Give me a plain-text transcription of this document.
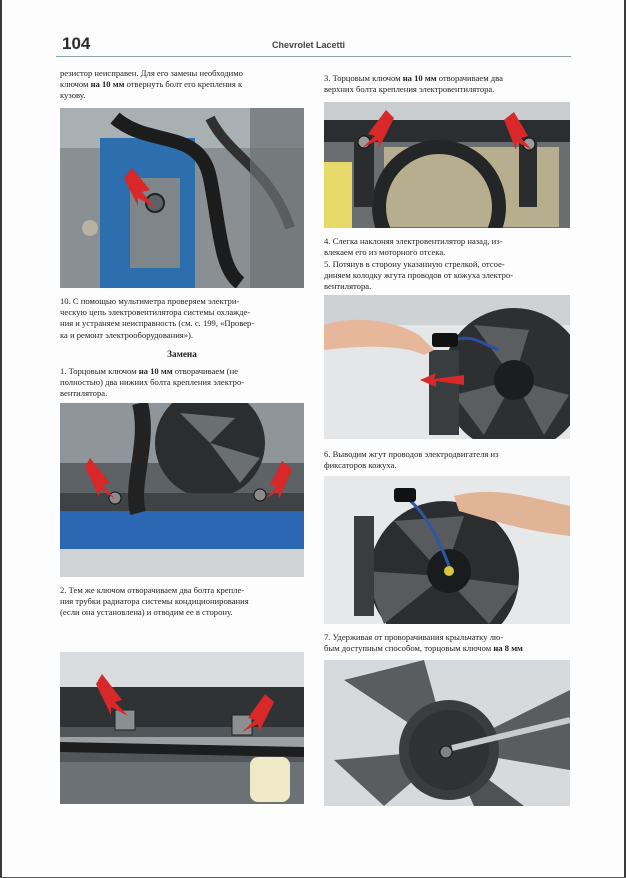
104	Chevrolet Lacetti
резистор неисправен. Для его замены необходимо
ключом на 10 мм отвернуть болт его крепления к
кузову.
10. С помощью мультиметра проверяем электри-
ческую цепь электровентилятора системы охлажде-
ния и устраняем неисправность (см. с. 199, «Провер-
ка и ремонт электрооборудования»).
Замена
1. Торцовым ключом на 10 мм отворачиваем (не
полностью) два нижних болта крепления электро-
вентилятора.
2. Тем же ключом отворачиваем два болта крепле-
ния трубки радиатора системы кондиционирования
(если она установлена) и отводим ее в сторону.
3. Торцовым ключом на 10 мм отворачиваем два
верхних болта крепления электровентилятора.
4. Слегка наклоняя электровентилятор назад, из-
влекаем его из моторного отсека.
5. Потянув в сторону указанную стрелкой, отсое-
диняем колодку жгута проводов от кожуха электро-
вентилятора.
6. Выводим жгут проводов электродвигателя из
фиксаторов кожуха.
7. Удерживая от проворачивания крыльчатку лю-
бым доступным способом, торцовым ключом на 8 мм
